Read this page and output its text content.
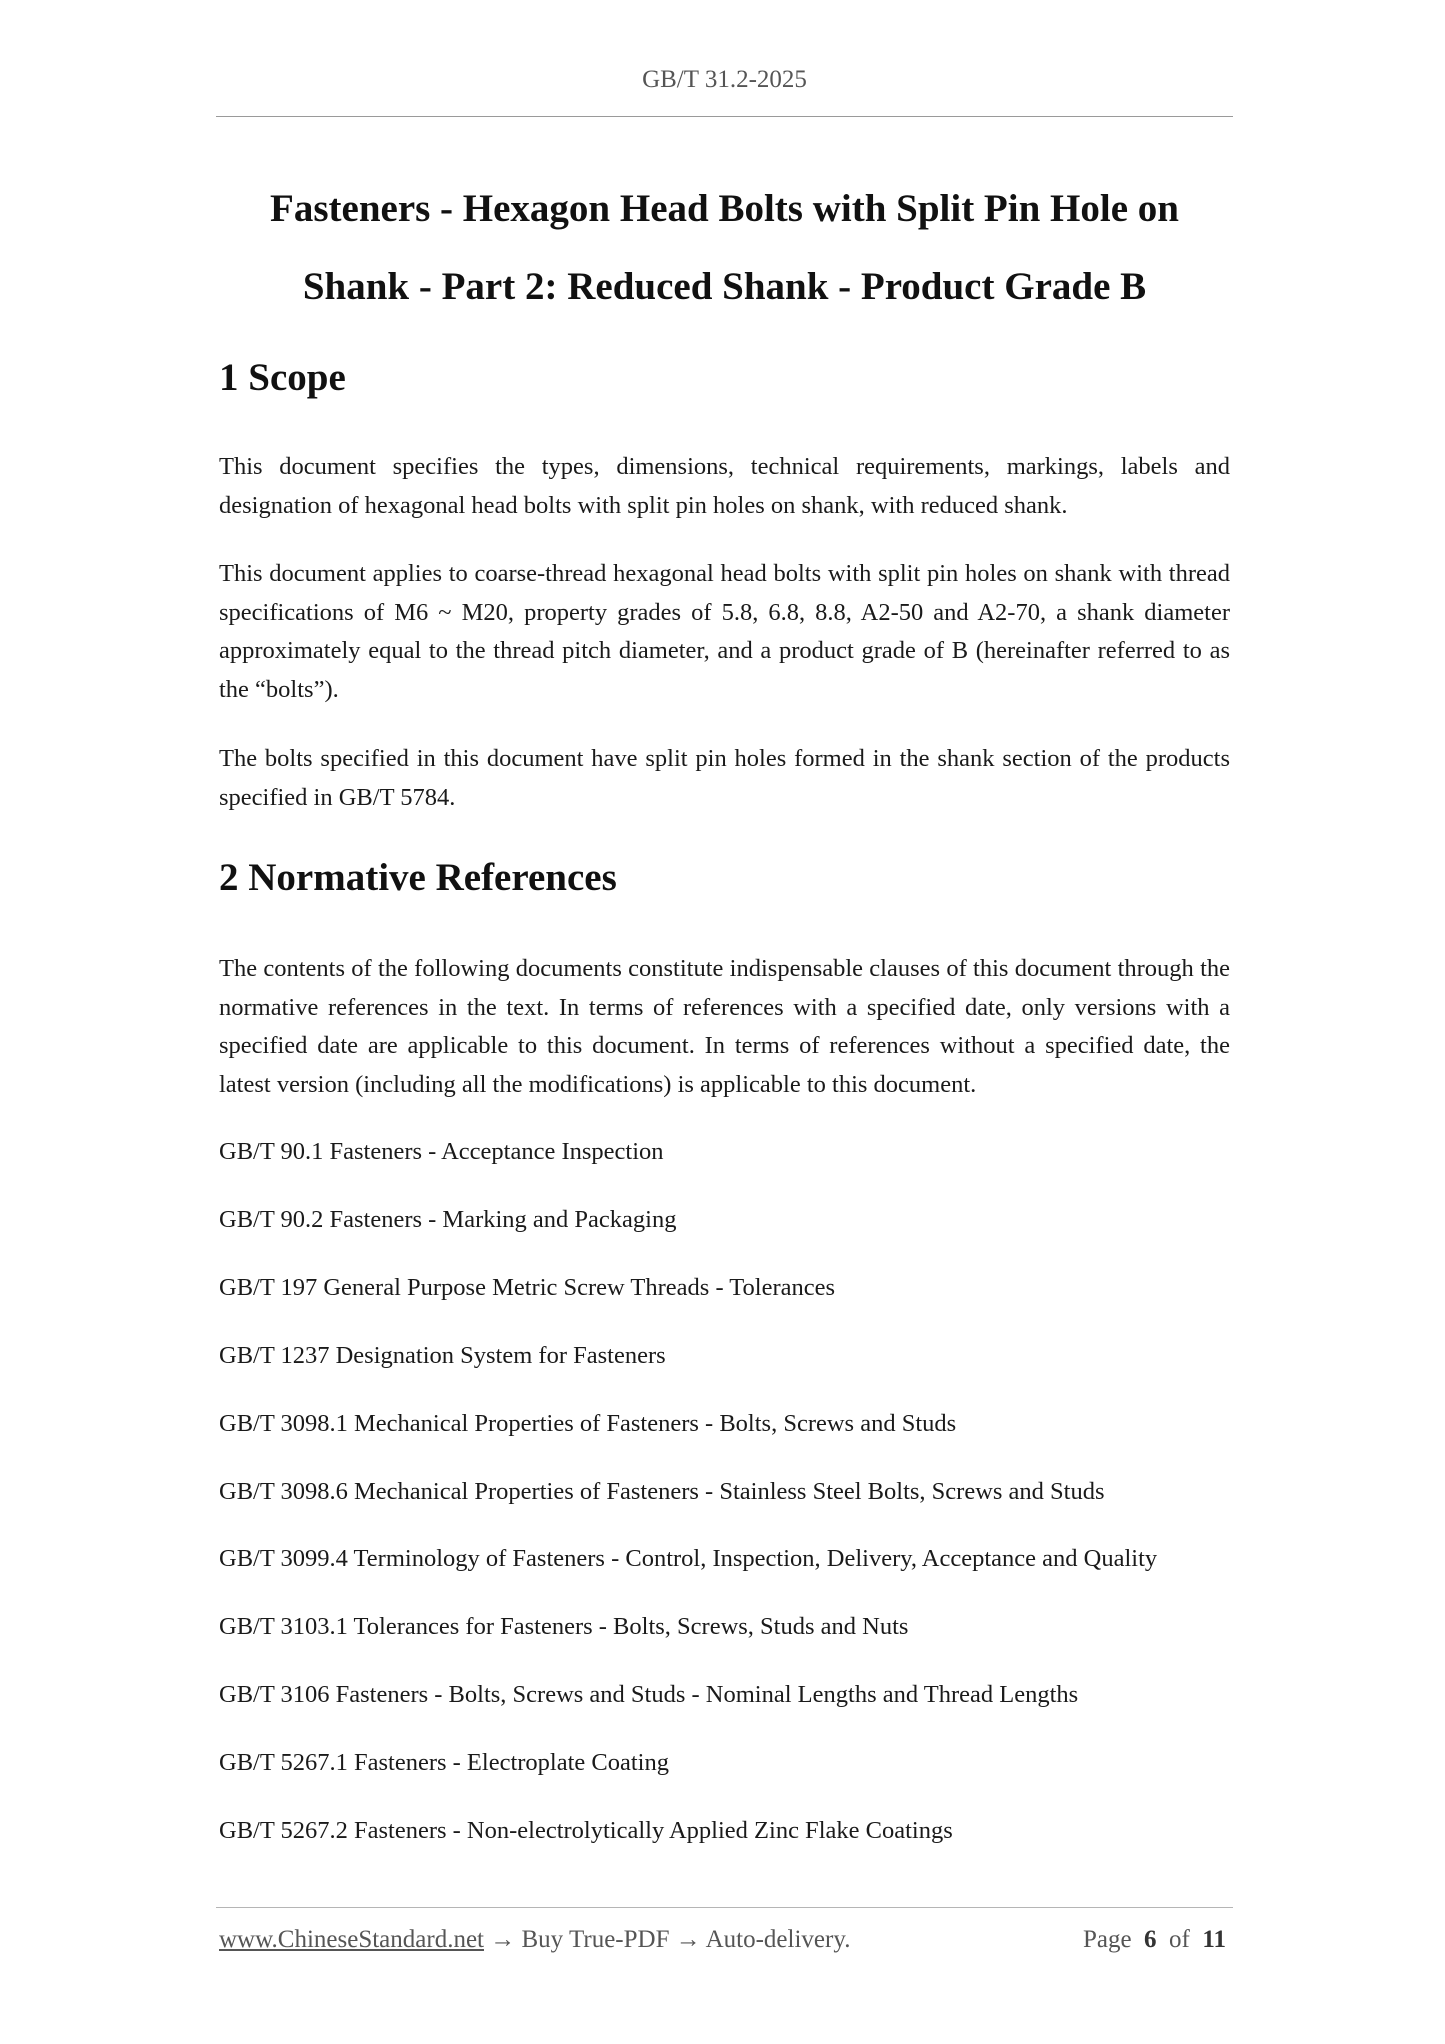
GB/T 31.2-2025
Fasteners - Hexagon Head Bolts with Split Pin Hole on
Shank - Part 2: Reduced Shank - Product Grade B
1 Scope

This document specifies the types, dimensions, technical requirements, markings, labels and designation of hexagonal head bolts with split pin holes on shank, with reduced shank.

This document applies to coarse-thread hexagonal head bolts with split pin holes on shank with thread specifications of M6 ~ M20, property grades of 5.8, 6.8, 8.8, A2-50 and A2-70, a shank diameter approximately equal to the thread pitch diameter, and a product grade of B (hereinafter referred to as the “bolts”).

The bolts specified in this document have split pin holes formed in the shank section of the products specified in GB/T 5784.

2 Normative References

The contents of the following documents constitute indispensable clauses of this document through the normative references in the text. In terms of references with a specified date, only versions with a specified date are applicable to this document. In terms of references without a specified date, the latest version (including all the modifications) is applicable to this document.

GB/T 90.1 Fasteners - Acceptance Inspection

GB/T 90.2 Fasteners - Marking and Packaging

GB/T 197 General Purpose Metric Screw Threads - Tolerances

GB/T 1237 Designation System for Fasteners

GB/T 3098.1 Mechanical Properties of Fasteners - Bolts, Screws and Studs

GB/T 3098.6 Mechanical Properties of Fasteners - Stainless Steel Bolts, Screws and Studs

GB/T 3099.4 Terminology of Fasteners - Control, Inspection, Delivery, Acceptance and Quality

GB/T 3103.1 Tolerances for Fasteners - Bolts, Screws, Studs and Nuts

GB/T 3106 Fasteners - Bolts, Screws and Studs - Nominal Lengths and Thread Lengths

GB/T 5267.1 Fasteners - Electroplate Coating

GB/T 5267.2 Fasteners - Non-electrolytically Applied Zinc Flake Coatings

www.ChineseStandard.net → Buy True-PDF → Auto-delivery.	Page 6 of 11
